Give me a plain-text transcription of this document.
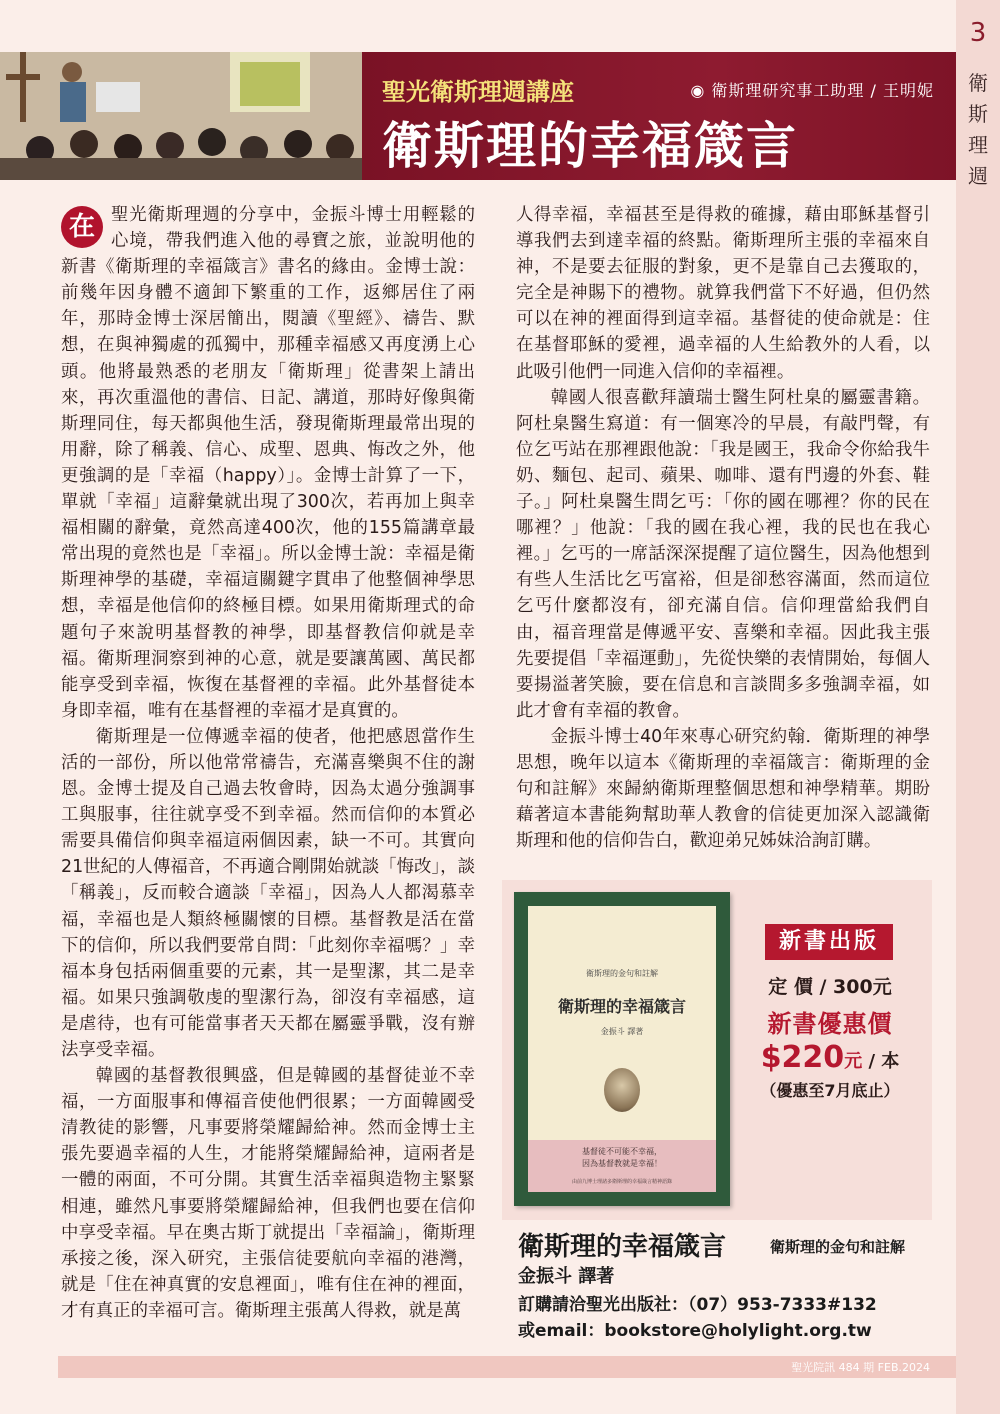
3
衛
斯
理
週
聖光衛斯理週講座	◉ 衛斯理研究事工助理 / 王明妮
衛斯理的幸福箴言

在 聖光衛斯理週的分享中，金振斗博士用輕鬆的心境，帶我們進入他的尋寶之旅，並說明他的新書《衛斯理的幸福箴言》書名的緣由。金博士說：前幾年因身體不適卸下繁重的工作，返鄉居住了兩年，那時金博士深居簡出，閱讀《聖經》、禱告、默想，在與神獨處的孤獨中，那種幸福感又再度湧上心頭。他將最熟悉的老朋友「衛斯理」從書架上請出來，再次重溫他的書信、日記、講道，那時好像與衛斯理同住，每天都與他生活，發現衛斯理最常出現的用辭，除了稱義、信心、成聖、恩典、悔改之外，他更強調的是「幸福（happy）」。金博士計算了一下，單就「幸福」這辭彙就出現了300次，若再加上與幸福相關的辭彙，竟然高達400次，他的155篇講章最常出現的竟然也是「幸福」。所以金博士說：幸福是衛斯理神學的基礎，幸福這關鍵字貫串了他整個神學思想，幸福是他信仰的終極目標。如果用衛斯理式的命題句子來說明基督教的神學，即基督教信仰就是幸福。衛斯理洞察到神的心意，就是要讓萬國、萬民都能享受到幸福，恢復在基督裡的幸福。此外基督徒本身即幸福，唯有在基督裡的幸福才是真實的。

衛斯理是一位傳遞幸福的使者，他把感恩當作生活的一部份，所以他常常禱告，充滿喜樂與不住的謝恩。金博士提及自己過去牧會時，因為太過分強調事工與服事，往往就享受不到幸福。然而信仰的本質必需要具備信仰與幸福這兩個因素，缺一不可。其實向21世紀的人傳福音，不再適合剛開始就談「悔改」，談「稱義」，反而較合適談「幸福」，因為人人都渴慕幸福，幸福也是人類終極關懷的目標。基督教是活在當下的信仰，所以我們要常自問：「此刻你幸福嗎？」幸福本身包括兩個重要的元素，其一是聖潔，其二是幸福。如果只強調敬虔的聖潔行為，卻沒有幸福感，這是虐待，也有可能當事者天天都在屬靈爭戰，沒有辦法享受幸福。

韓國的基督教很興盛，但是韓國的基督徒並不幸福，一方面服事和傳福音使他們很累；一方面韓國受清教徒的影響，凡事要將榮耀歸給神。然而金博士主張先要過幸福的人生，才能將榮耀歸給神，這兩者是一體的兩面，不可分開。其實生活幸福與造物主緊緊相連，雖然凡事要將榮耀歸給神，但我們也要在信仰中享受幸福。早在奧古斯丁就提出「幸福論」，衛斯理承接之後，深入研究，主張信徒要航向幸福的港灣，就是「住在神真實的安息裡面」，唯有住在神的裡面，才有真正的幸福可言。衛斯理主張萬人得救，就是萬

人得幸福，幸福甚至是得救的確據，藉由耶穌基督引導我們去到達幸福的終點。衛斯理所主張的幸福來自神，不是要去征服的對象，更不是靠自己去獲取的，完全是神賜下的禮物。就算我們當下不好過，但仍然可以在神的裡面得到這幸福。基督徒的使命就是：住在基督耶穌的愛裡，過幸福的人生給教外的人看，以此吸引他們一同進入信仰的幸福裡。

韓國人很喜歡拜讀瑞士醫生阿杜臬的屬靈書籍。阿杜臬醫生寫道：有一個寒冷的早晨，有敲門聲，有位乞丐站在那裡跟他說：「我是國王，我命令你給我牛奶、麵包、起司、蘋果、咖啡、還有門邊的外套、鞋子。」阿杜臬醫生問乞丐：「你的國在哪裡？你的民在哪裡？」他說：「我的國在我心裡，我的民也在我心裡。」乞丐的一席話深深提醒了這位醫生，因為他想到有些人生活比乞丐富裕，但是卻愁容滿面，然而這位乞丐什麼都沒有，卻充滿自信。信仰理當給我們自由，福音理當是傳遞平安、喜樂和幸福。因此我主張先要提倡「幸福運動」，先從快樂的表情開始，每個人要揚溢著笑臉，要在信息和言談間多多強調幸福，如此才會有幸福的教會。

金振斗博士40年來專心研究約翰．衛斯理的神學思想，晚年以這本《衛斯理的幸福箴言：衛斯理的金句和註解》來歸納衛斯理整個思想和神學精華。期盼藉著這本書能夠幫助華人教會的信徒更加深入認識衛斯理和他的信仰告白，歡迎弟兄姊妹洽詢訂購。

衛斯理的金句和註解
衛斯理的幸福箴言
金振斗 譯著
基督徒不可能不幸福，
因為基督教就是幸福！
由前九博士理諸多衛斯理的幸福箴言精神語錄
新書出版
定 價 / 300元
新書優惠價
$220元 / 本
（優惠至7月底止）
衛斯理的幸福箴言	衛斯理的金句和註解
金振斗 譯著
訂購請洽聖光出版社：（07）953-7333#132
或email：bookstore@holylight.org.tw
聖光院訊 484 期 FEB.2024
